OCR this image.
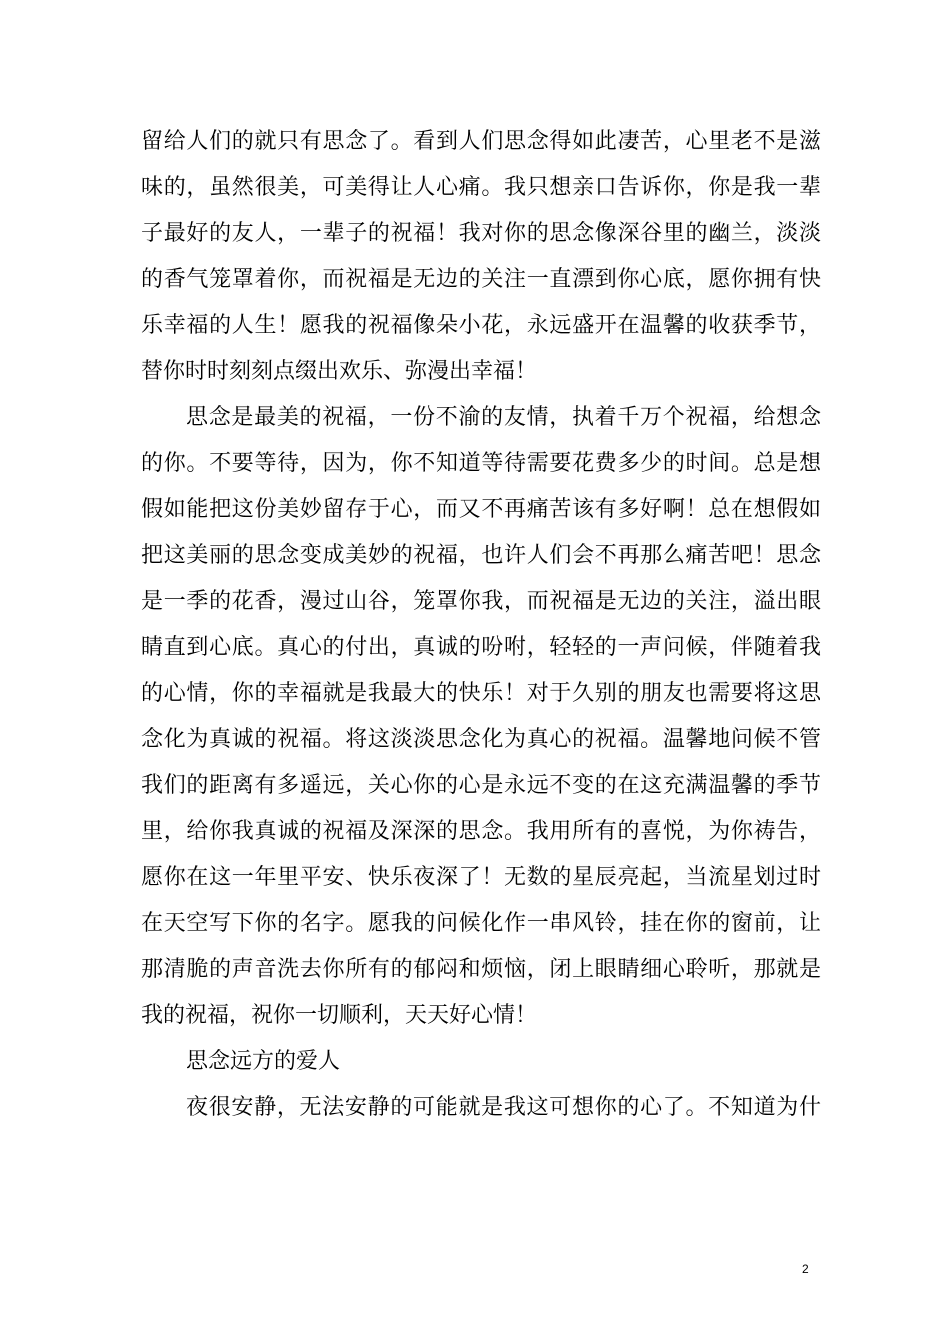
留给人们的就只有思念了。看到人们思念得如此凄苦，心里老不是滋
味的，虽然很美，可美得让人心痛。我只想亲口告诉你，你是我一辈
子最好的友人，一辈子的祝福！我对你的思念像深谷里的幽兰，淡淡
的香气笼罩着你，而祝福是无边的关注一直漂到你心底，愿你拥有快
乐幸福的人生！愿我的祝福像朵小花，永远盛开在温馨的收获季节，
替你时时刻刻点缀出欢乐、弥漫出幸福！
思念是最美的祝福，一份不渝的友情，执着千万个祝福，给想念
的你。不要等待，因为，你不知道等待需要花费多少的时间。总是想
假如能把这份美妙留存于心，而又不再痛苦该有多好啊！总在想假如
把这美丽的思念变成美妙的祝福，也许人们会不再那么痛苦吧！思念
是一季的花香，漫过山谷，笼罩你我，而祝福是无边的关注，溢出眼
睛直到心底。真心的付出，真诚的吩咐，轻轻的一声问候，伴随着我
的心情，你的幸福就是我最大的快乐！对于久别的朋友也需要将这思
念化为真诚的祝福。将这淡淡思念化为真心的祝福。温馨地问候不管
我们的距离有多遥远，关心你的心是永远不变的在这充满温馨的季节
里，给你我真诚的祝福及深深的思念。我用所有的喜悦，为你祷告，
愿你在这一年里平安、快乐夜深了！无数的星辰亮起，当流星划过时
在天空写下你的名字。愿我的问候化作一串风铃，挂在你的窗前，让
那清脆的声音洗去你所有的郁闷和烦恼，闭上眼睛细心聆听，那就是
我的祝福，祝你一切顺利，天天好心情！
思念远方的爱人
夜很安静，无法安静的可能就是我这可想你的心了。不知道为什
2
